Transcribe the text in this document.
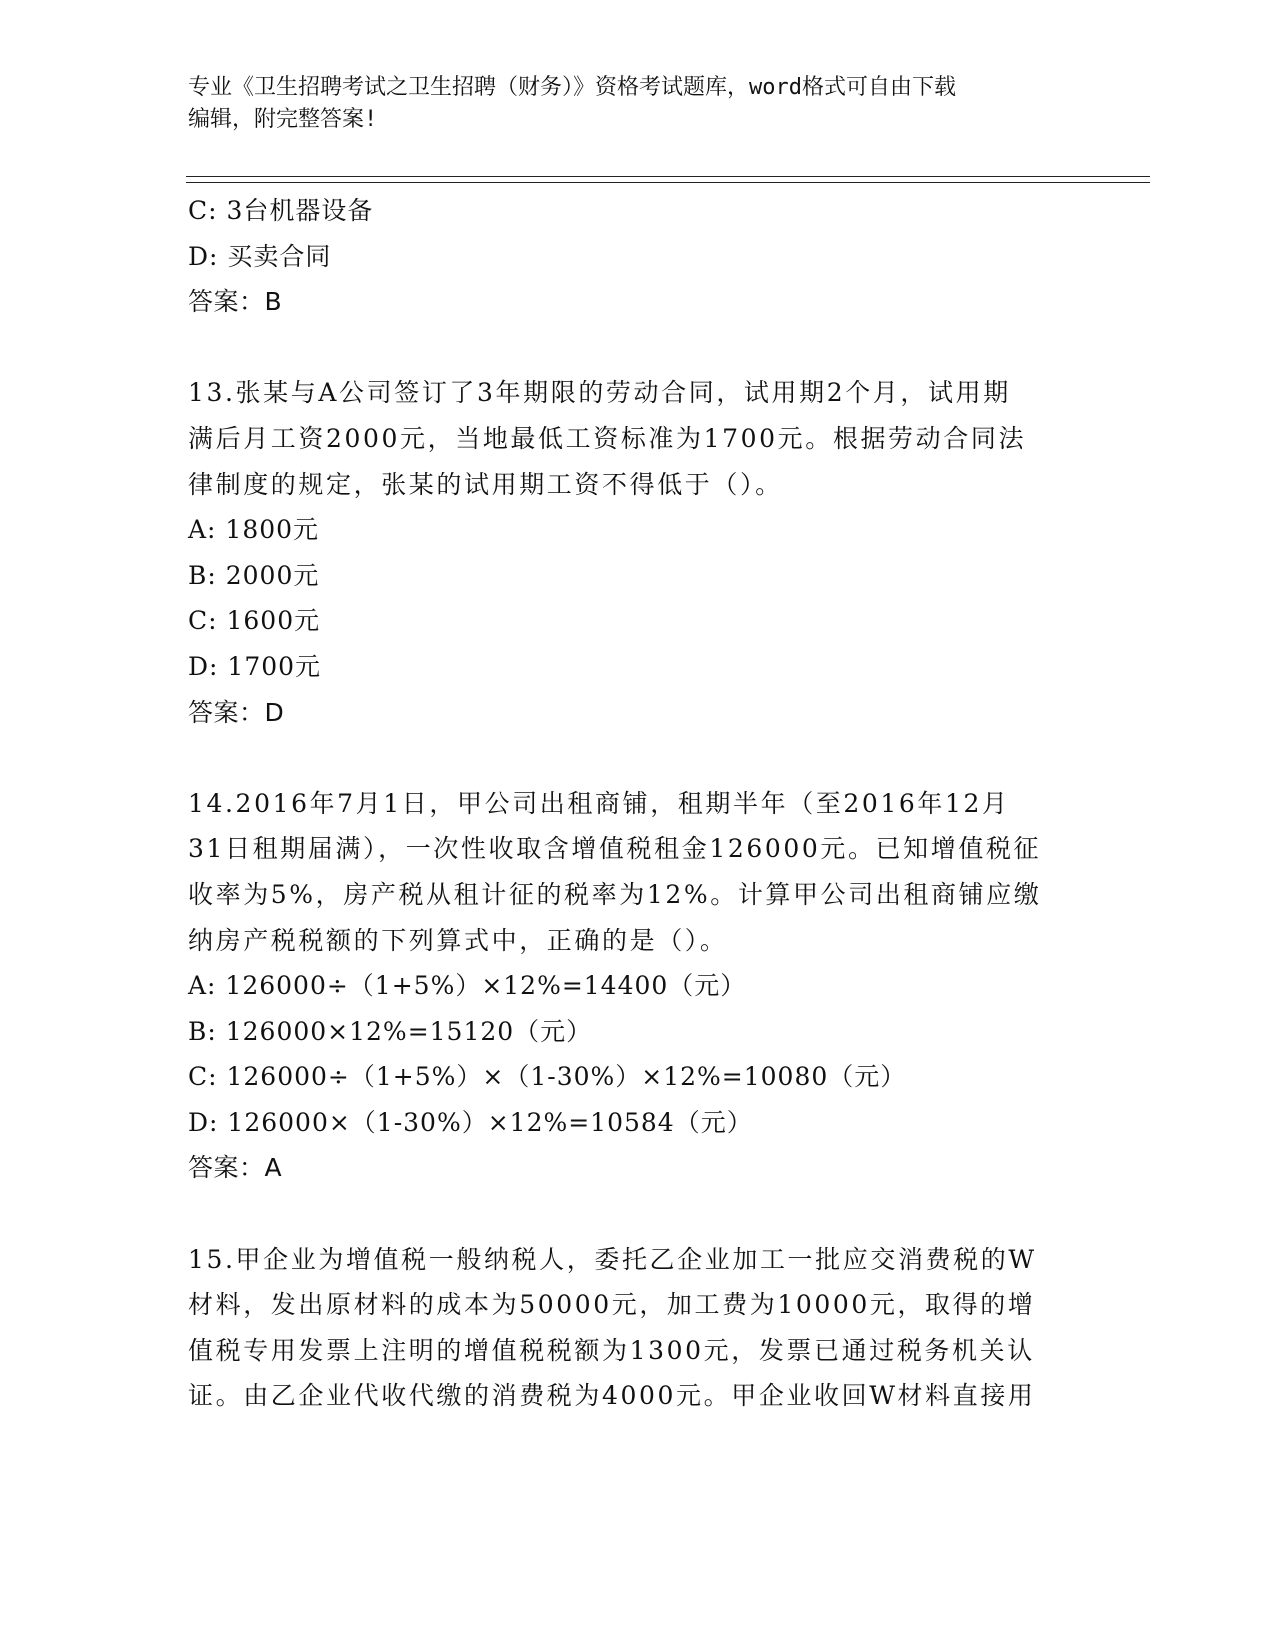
专业《卫生招聘考试之卫生招聘（财务）》资格考试题库，word格式可自由下载
编辑，附完整答案!

C: 3台机器设备

D: 买卖合同

答案：B

13.张某与A公司签订了3年期限的劳动合同，试用期2个月，试用期

满后月工资2000元，当地最低工资标准为1700元。根据劳动合同法

律制度的规定，张某的试用期工资不得低于（）。

A: 1800元

B: 2000元

C: 1600元

D: 1700元

答案：D

14.2016年7月1日，甲公司出租商铺，租期半年（至2016年12月

31日租期届满），一次性收取含增值税租金126000元。已知增值税征

收率为5%，房产税从租计征的税率为12%。计算甲公司出租商铺应缴

纳房产税税额的下列算式中，正确的是（）。

A: 126000÷（1+5%）×12%=14400（元）

B: 126000×12%=15120（元）

C: 126000÷（1+5%）×（1-30%）×12%=10080（元）

D: 126000×（1-30%）×12%=10584（元）

答案：A

15.甲企业为增值税一般纳税人，委托乙企业加工一批应交消费税的W

材料，发出原材料的成本为50000元，加工费为10000元，取得的增

值税专用发票上注明的增值税税额为1300元，发票已通过税务机关认

证。由乙企业代收代缴的消费税为4000元。甲企业收回W材料直接用
